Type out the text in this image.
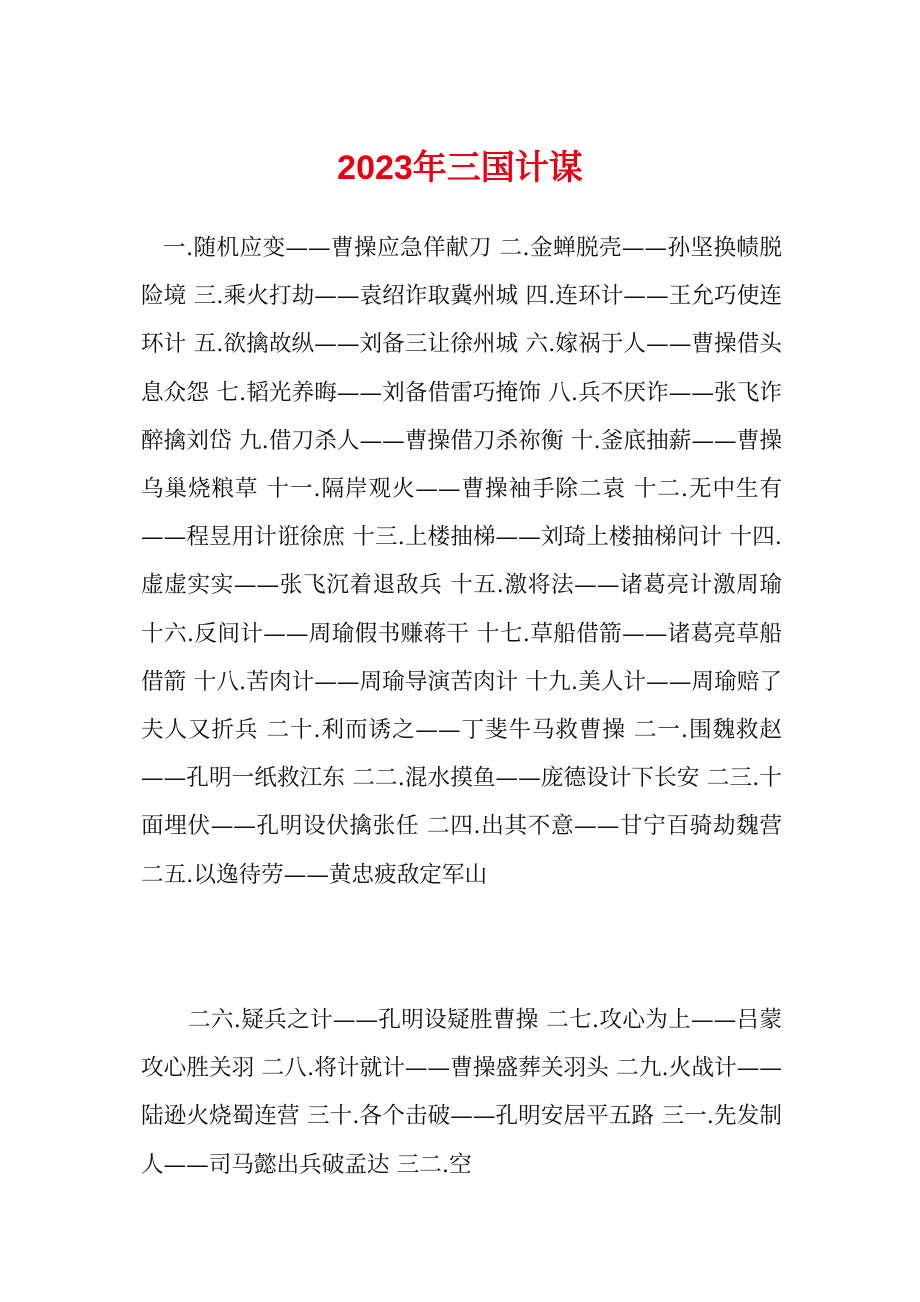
2023年三国计谋

一.随机应变——曹操应急佯献刀 二.金蝉脱壳——孙坚换帻脱险境 三.乘火打劫——袁绍诈取冀州城 四.连环计——王允巧使连环计 五.欲擒故纵——刘备三让徐州城 六.嫁祸于人——曹操借头息众怨 七.韬光养晦——刘备借雷巧掩饰 八.兵不厌诈——张飞诈醉擒刘岱 九.借刀杀人——曹操借刀杀祢衡 十.釜底抽薪——曹操乌巢烧粮草 十一.隔岸观火——曹操袖手除二袁 十二.无中生有——程昱用计诳徐庶 十三.上楼抽梯——刘琦上楼抽梯问计 十四.虚虚实实——张飞沉着退敌兵 十五.激将法——诸葛亮计激周瑜 十六.反间计——周瑜假书赚蒋干 十七.草船借箭——诸葛亮草船借箭 十八.苦肉计——周瑜导演苦肉计 十九.美人计——周瑜赔了夫人又折兵 二十.利而诱之——丁斐牛马救曹操 二一.围魏救赵——孔明一纸救江东 二二.混水摸鱼——庞德设计下长安 二三.十面埋伏——孔明设伏擒张任 二四.出其不意——甘宁百骑劫魏营 二五.以逸待劳——黄忠疲敌定军山

二六.疑兵之计——孔明设疑胜曹操 二七.攻心为上——吕蒙攻心胜关羽 二八.将计就计——曹操盛葬关羽头 二九.火战计——陆逊火烧蜀连营 三十.各个击破——孔明安居平五路 三一.先发制人——司马懿出兵破孟达 三二.空
